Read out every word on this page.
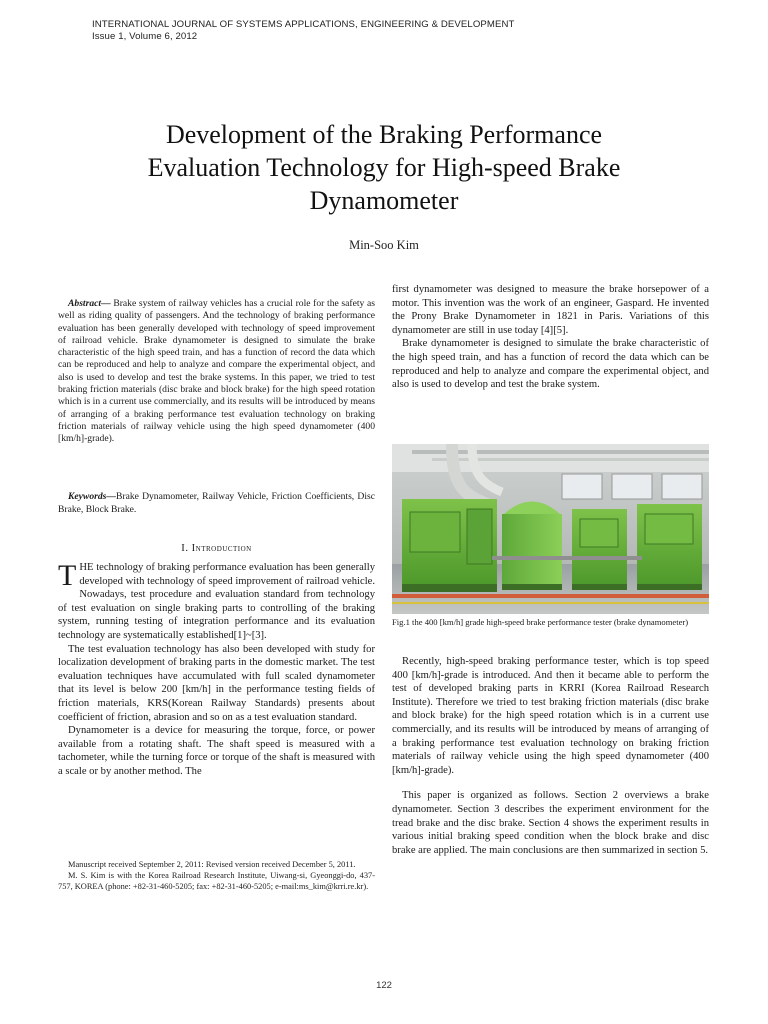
INTERNATIONAL JOURNAL OF SYSTEMS APPLICATIONS, ENGINEERING & DEVELOPMENT
Issue 1, Volume 6, 2012
Development of the Braking Performance
Evaluation Technology for High-speed Brake
Dynamometer
Min-Soo Kim

Abstract— Brake system of railway vehicles has a crucial role for the safety as well as riding quality of passengers. And the technology of braking performance evaluation has been generally developed with technology of speed improvement of railroad vehicle. Brake dynamometer is designed to simulate the brake characteristic of the high speed train, and has a function of record the data which can be reproduced and help to analyze and compare the experimental object, and also is used to develop and test the brake systems. In this paper, we tried to test braking friction materials (disc brake and block brake) for the high speed rotation which is in a current use commercially, and its results will be introduced by means of arranging of a braking performance test evaluation technology on braking friction materials of railway vehicle using the high speed dynamometer (400 [km/h]-grade).

Keywords—Brake Dynamometer, Railway Vehicle, Friction Coefficients, Disc Brake, Block Brake.

I. Introduction

THE technology of braking performance evaluation has been generally developed with technology of speed improvement of railroad vehicle. Nowadays, test procedure and evaluation standard from technology of test evaluation on single braking parts to controlling of the braking system, running testing of integration performance and its evaluation technology are systematically established[1]~[3].

The test evaluation technology has also been developed with study for localization development of braking parts in the domestic market. The test evaluation techniques have accumulated with full scaled dynamometer that its level is below 200 [km/h] in the performance testing fields of friction materials, KRS(Korean Railway Standards) presents about coefficient of friction, abrasion and so on as a test evaluation standard.

Dynamometer is a device for measuring the torque, force, or power available from a rotating shaft. The shaft speed is measured with a tachometer, while the turning force or torque of the shaft is measured with a scale or by another method. The

Manuscript received September 2, 2011: Revised version received December 5, 2011.

M. S. Kim is with the Korea Railroad Research Institute, Uiwang-si, Gyeonggi-do, 437-757, KOREA (phone: +82-31-460-5205; fax: +82-31-460-5205; e-mail:ms_kim@krri.re.kr).

first dynamometer was designed to measure the brake horsepower of a motor. This invention was the work of an engineer, Gaspard. He invented the Prony Brake Dynamometer in 1821 in Paris. Variations of this dynamometer are still in use today [4][5].

Brake dynamometer is designed to simulate the brake characteristic of the high speed train, and has a function of record the data which can be reproduced and help to analyze and compare the experimental object, and also is used to develop and test the brake system.

Fig.1 the 400 [km/h] grade high-speed brake performance tester (brake dynamometer)

Recently, high-speed braking performance tester, which is top speed 400 [km/h]-grade is introduced. And then it became able to perform the test of developed braking parts in KRRI (Korea Railroad Research Institute). Therefore we tried to test braking friction materials (disc brake and block brake) for the high speed rotation which is in a current use commercially, and its results will be introduced by means of arranging of a braking performance test evaluation technology on braking friction materials of railway vehicle using the high speed dynamometer (400 [km/h]-grade).

This paper is organized as follows. Section 2 overviews a brake dynamometer. Section 3 describes the experiment environment for the tread brake and the disc brake. Section 4 shows the experiment results in various initial braking speed condition when the block brake and disc brake are applied. The main conclusions are then summarized in section 5.

122
